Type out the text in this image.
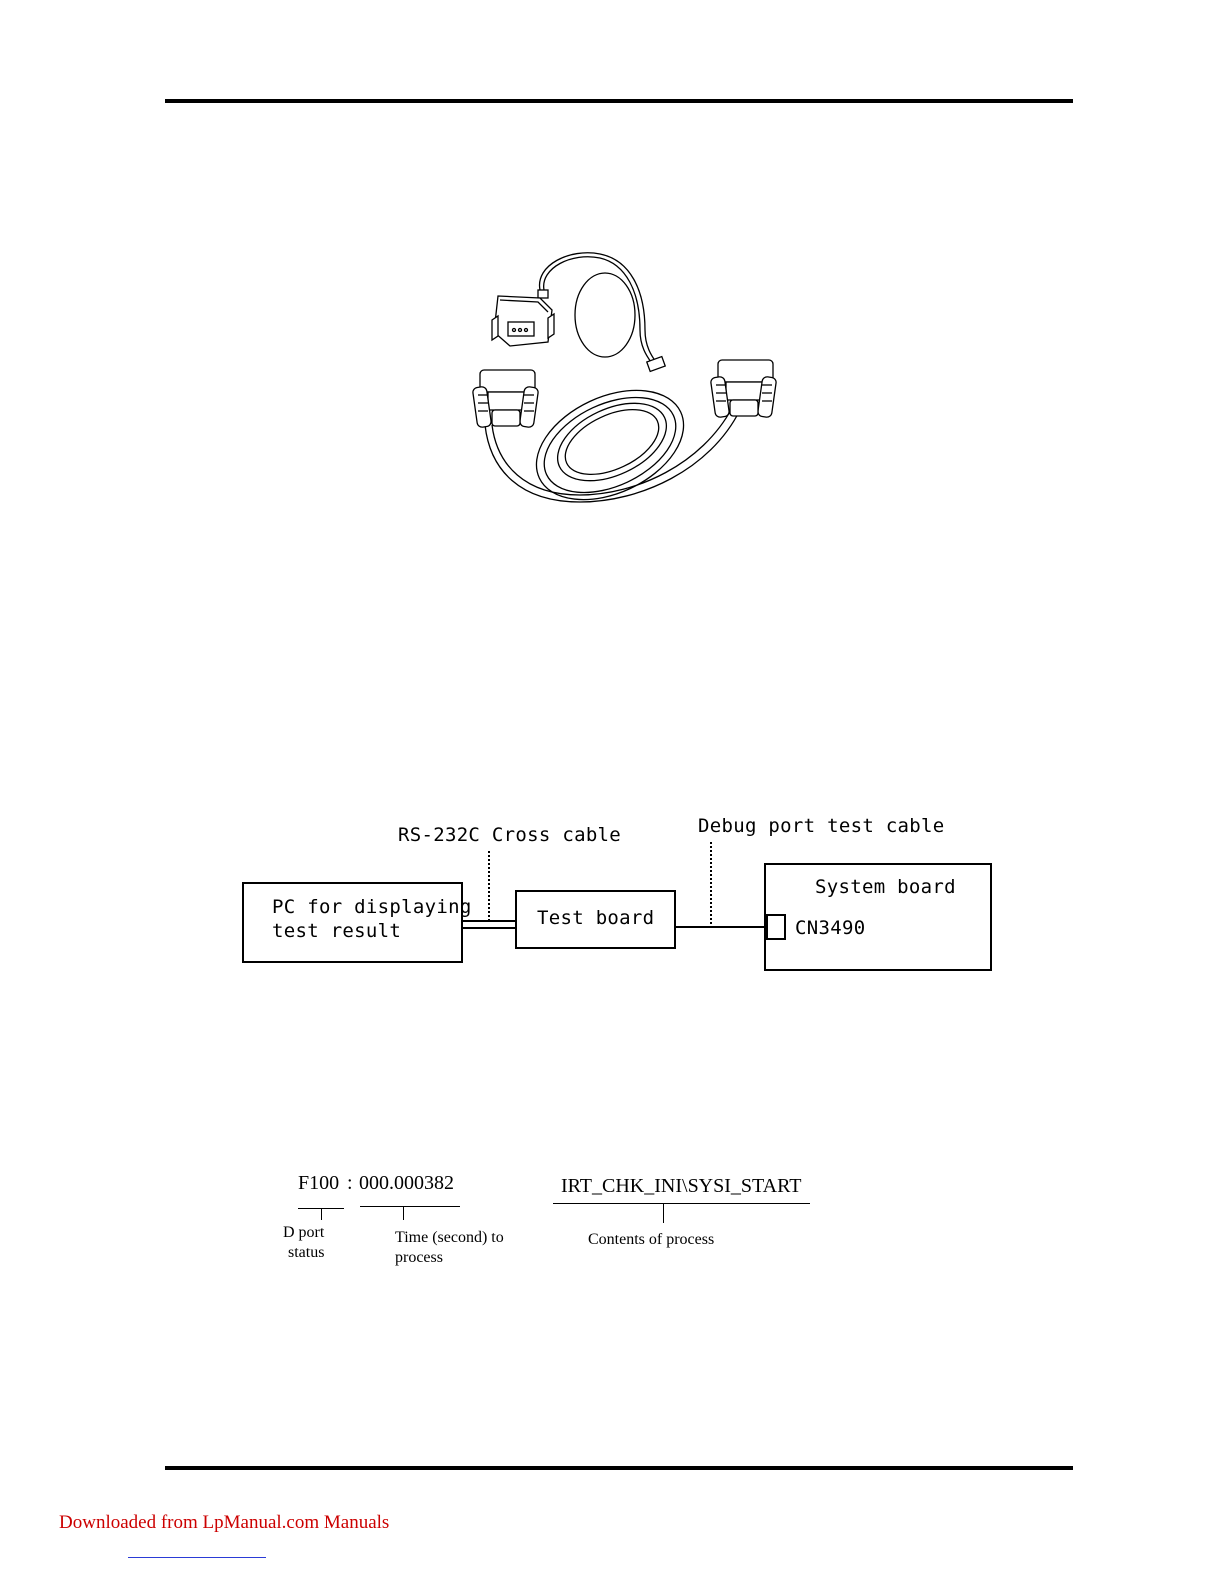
RS-232C Cross cable	Debug port test cable
PC for displaying
test result
Test board
System board
CN3490
F100 : 000.000382	IRT_CHK_INI\SYSI_START
D port
status
Time (second) to
process
Contents of process
Downloaded from LpManual.com Manuals
